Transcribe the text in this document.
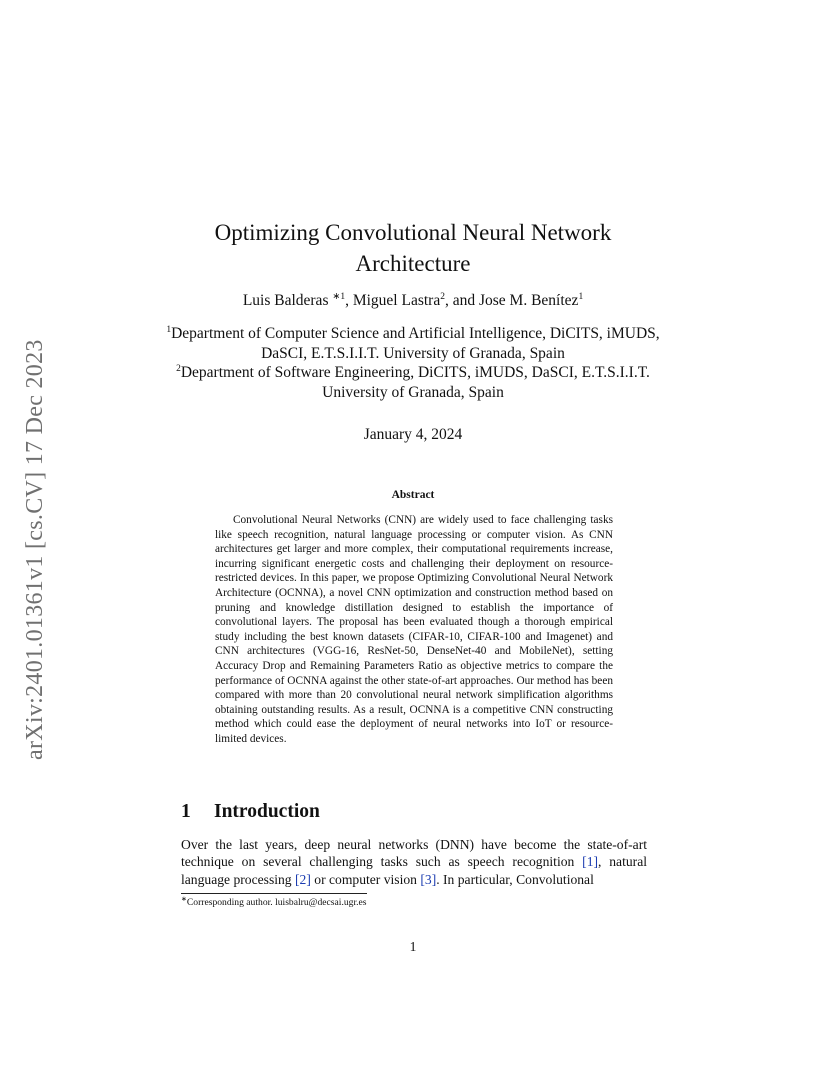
arXiv:2401.01361v1 [cs.CV] 17 Dec 2023
Optimizing Convolutional Neural Network Architecture
Luis Balderas $^{∗1}$, Miguel Lastra$^2$, and Jose M. Benítez$^1$
$^1$Department of Computer Science and Artificial Intelligence, DiCITS, iMUDS, DaSCI, E.T.S.I.I.T. University of Granada, Spain
$^2$Department of Software Engineering, DiCITS, iMUDS, DaSCI, E.T.S.I.I.T. University of Granada, Spain
January 4, 2024
Abstract

Convolutional Neural Networks (CNN) are widely used to face challenging tasks like speech recognition, natural language processing or computer vision. As CNN architectures get larger and more complex, their computational requirements increase, incurring significant energetic costs and challenging their deployment on resource-restricted devices. In this paper, we propose Optimizing Convolutional Neural Network Architecture (OCNNA), a novel CNN optimization and construction method based on pruning and knowledge distillation designed to establish the importance of convolutional layers. The proposal has been evaluated though a thorough empirical study including the best known datasets (CIFAR-10, CIFAR-100 and Imagenet) and CNN architectures (VGG-16, ResNet-50, DenseNet-40 and MobileNet), setting Accuracy Drop and Remaining Parameters Ratio as objective metrics to compare the performance of OCNNA against the other state-of-art approaches. Our method has been compared with more than 20 convolutional neural network simplification algorithms obtaining outstanding results. As a result, OCNNA is a competitive CNN constructing method which could ease the deployment of neural networks into IoT or resource-limited devices.

1 Introduction

Over the last years, deep neural networks (DNN) have become the state-of-art technique on several challenging tasks such as speech recognition [1], natural language processing [2] or computer vision [3]. In particular, Convolutional

∗Corresponding author. luisbalru@decsai.ugr.es
1
